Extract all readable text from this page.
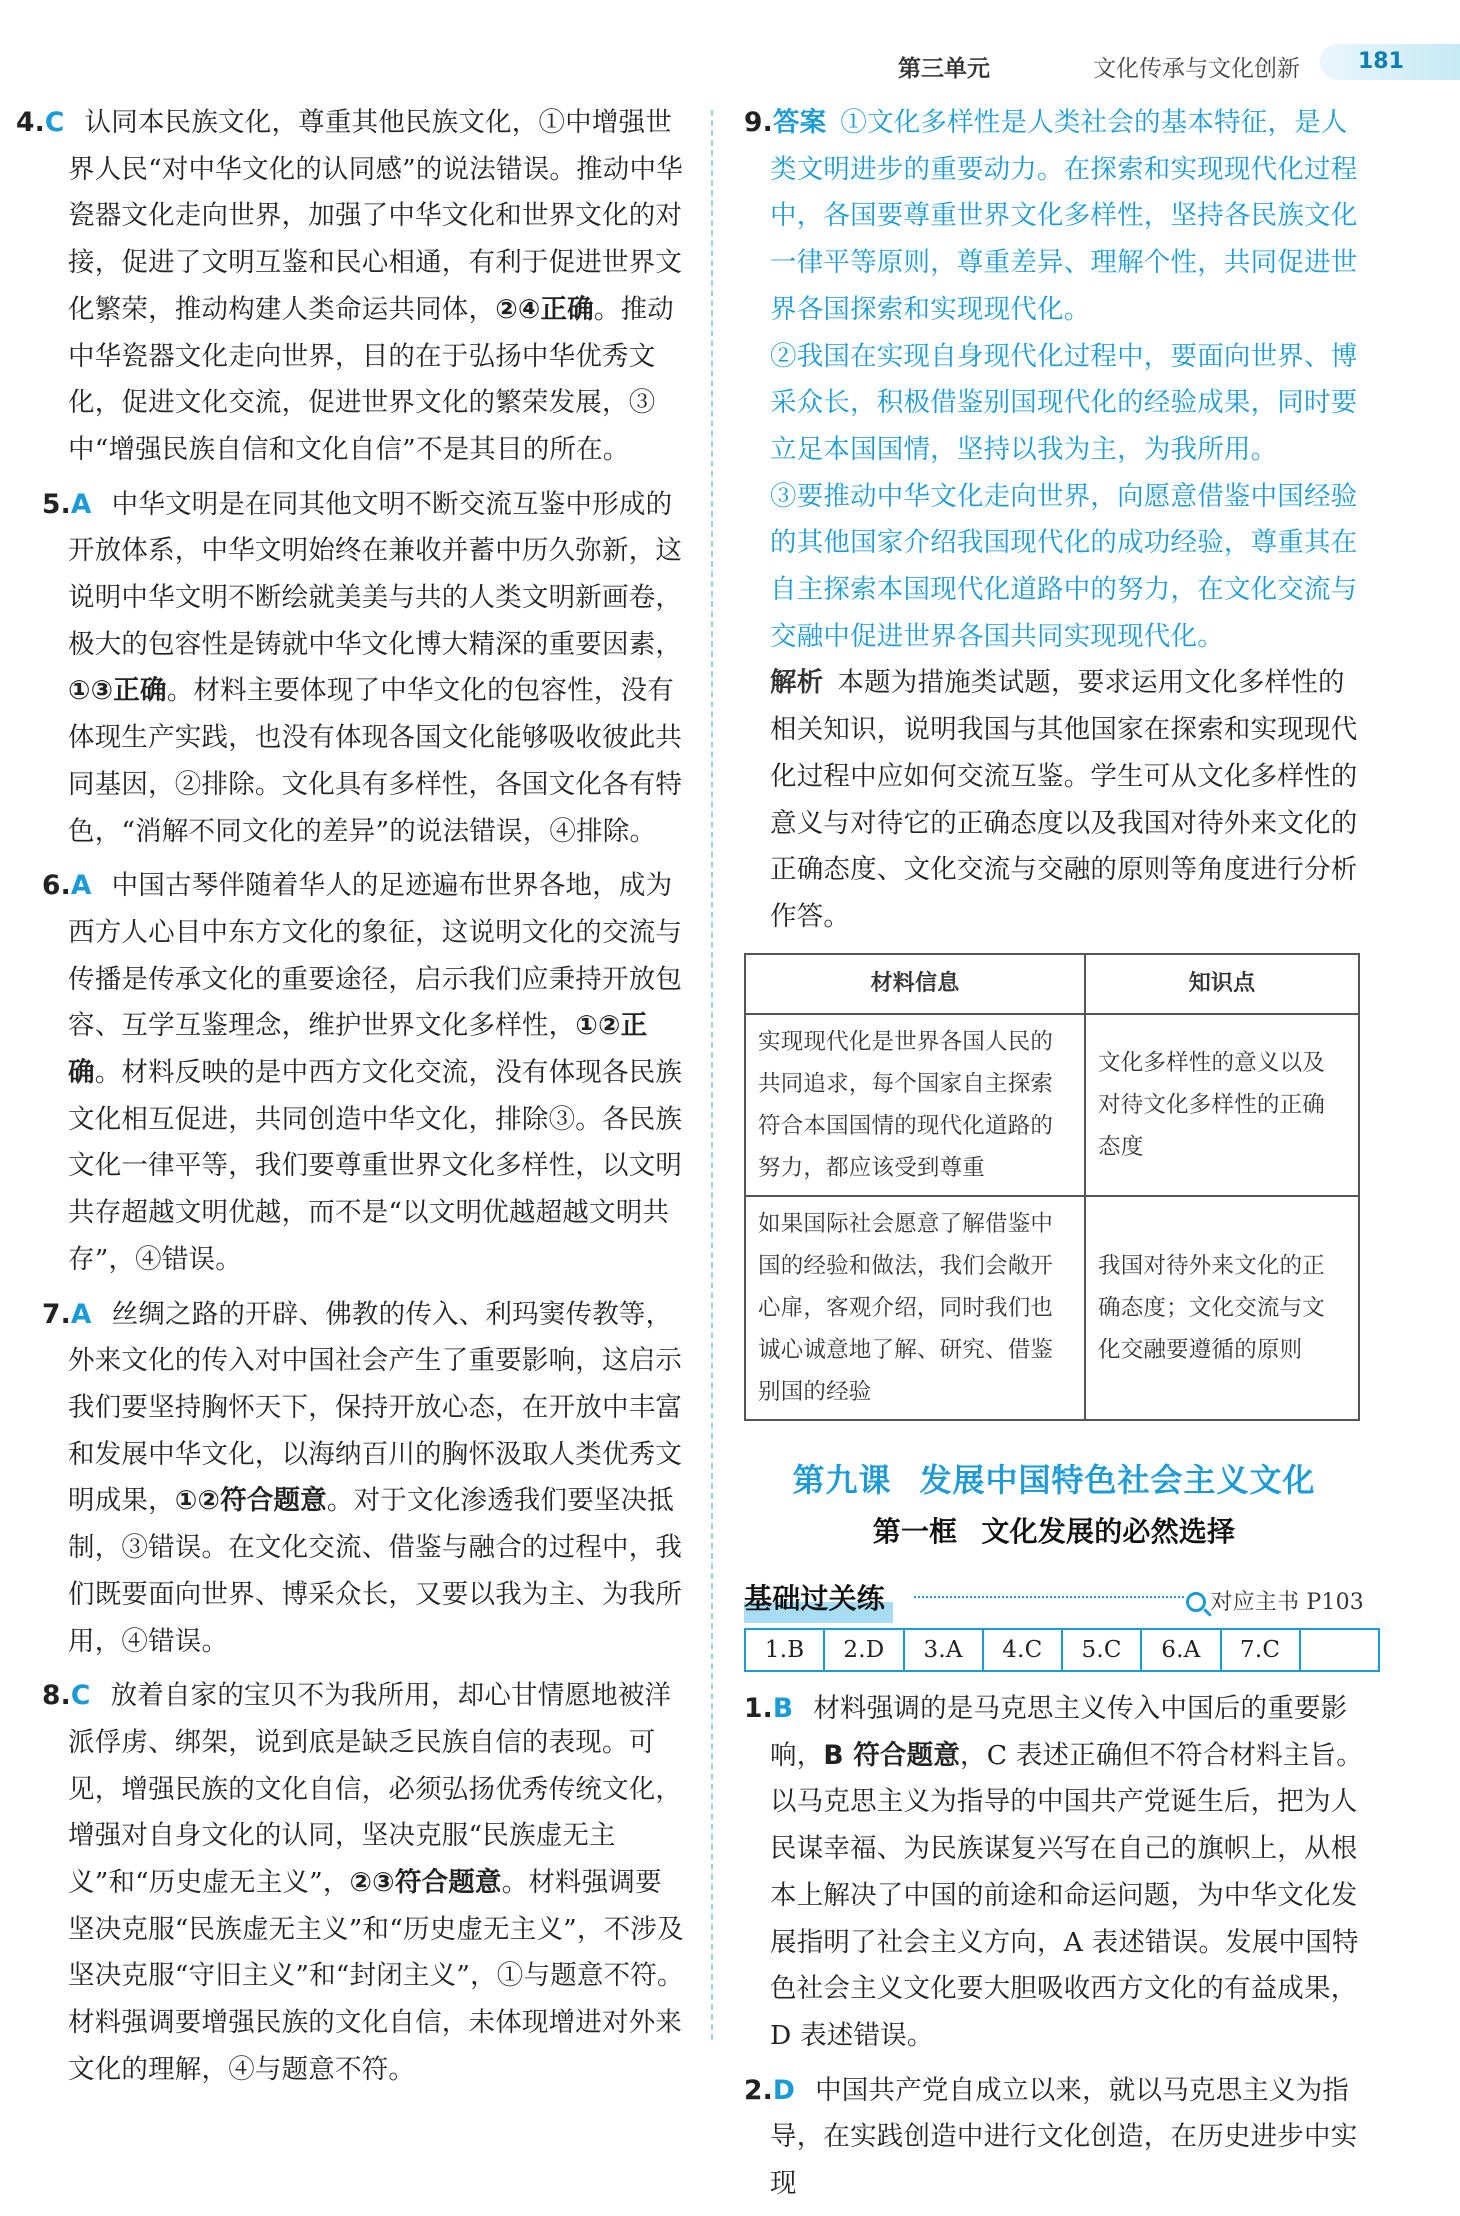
第三单元	文化传承与文化创新	181

4.C 认同本民族文化，尊重其他民族文化，①中增强世界人民“对中华文化的认同感”的说法错误。推动中华瓷器文化走向世界，加强了中华文化和世界文化的对接，促进了文明互鉴和民心相通，有利于促进世界文化繁荣，推动构建人类命运共同体，②④正确。推动中华瓷器文化走向世界，目的在于弘扬中华优秀文化，促进文化交流，促进世界文化的繁荣发展，③中“增强民族自信和文化自信”不是其目的所在。

5.A 中华文明是在同其他文明不断交流互鉴中形成的开放体系，中华文明始终在兼收并蓄中历久弥新，这说明中华文明不断绘就美美与共的人类文明新画卷，极大的包容性是铸就中华文化博大精深的重要因素，①③正确。材料主要体现了中华文化的包容性，没有体现生产实践，也没有体现各国文化能够吸收彼此共同基因，②排除。文化具有多样性，各国文化各有特色，“消解不同文化的差异”的说法错误，④排除。

6.A 中国古琴伴随着华人的足迹遍布世界各地，成为西方人心目中东方文化的象征，这说明文化的交流与传播是传承文化的重要途径，启示我们应秉持开放包容、互学互鉴理念，维护世界文化多样性，①②正确。材料反映的是中西方文化交流，没有体现各民族文化相互促进，共同创造中华文化，排除③。各民族文化一律平等，我们要尊重世界文化多样性，以文明共存超越文明优越，而不是“以文明优越超越文明共存”，④错误。

7.A 丝绸之路的开辟、佛教的传入、利玛窦传教等，外来文化的传入对中国社会产生了重要影响，这启示我们要坚持胸怀天下，保持开放心态，在开放中丰富和发展中华文化，以海纳百川的胸怀汲取人类优秀文明成果，①②符合题意。对于文化渗透我们要坚决抵制，③错误。在文化交流、借鉴与融合的过程中，我们既要面向世界、博采众长，又要以我为主、为我所用，④错误。

8.C 放着自家的宝贝不为我所用，却心甘情愿地被洋派俘虏、绑架，说到底是缺乏民族自信的表现。可见，增强民族的文化自信，必须弘扬优秀传统文化，增强对自身文化的认同，坚决克服“民族虚无主义”和“历史虚无主义”，②③符合题意。材料强调要坚决克服“民族虚无主义”和“历史虚无主义”，不涉及坚决克服“守旧主义”和“封闭主义”，①与题意不符。材料强调要增强民族的文化自信，未体现增进对外来文化的理解，④与题意不符。

9.答案 ①文化多样性是人类社会的基本特征，是人类文明进步的重要动力。在探索和实现现代化过程中，各国要尊重世界文化多样性，坚持各民族文化一律平等原则，尊重差异、理解个性，共同促进世界各国探索和实现现代化。

②我国在实现自身现代化过程中，要面向世界、博采众长，积极借鉴别国现代化的经验成果，同时要立足本国国情，坚持以我为主，为我所用。

③要推动中华文化走向世界，向愿意借鉴中国经验的其他国家介绍我国现代化的成功经验，尊重其在自主探索本国现代化道路中的努力，在文化交流与交融中促进世界各国共同实现现代化。

解析 本题为措施类试题，要求运用文化多样性的相关知识，说明我国与其他国家在探索和实现现代化过程中应如何交流互鉴。学生可从文化多样性的意义与对待它的正确态度以及我国对待外来文化的正确态度、文化交流与交融的原则等角度进行分析作答。

材料信息	知识点
实现现代化是世界各国人民的共同追求，每个国家自主探索符合本国国情的现代化道路的努力，都应该受到尊重	文化多样性的意义以及对待文化多样性的正确态度
如果国际社会愿意了解借鉴中国的经验和做法，我们会敞开心扉，客观介绍，同时我们也诚心诚意地了解、研究、借鉴别国的经验	我国对待外来文化的正确态度；文化交流与文化交融要遵循的原则
第九课 发展中国特色社会主义文化
第一框 文化发展的必然选择
基础过关练	对应主书 P103
1.B	2.D	3.A	4.C	5.C	6.A	7.C

1.B 材料强调的是马克思主义传入中国后的重要影响，B 符合题意，C 表述正确但不符合材料主旨。以马克思主义为指导的中国共产党诞生后，把为人民谋幸福、为民族谋复兴写在自己的旗帜上，从根本上解决了中国的前途和命运问题，为中华文化发展指明了社会主义方向，A 表述错误。发展中国特色社会主义文化要大胆吸收西方文化的有益成果，D 表述错误。

2.D 中国共产党自成立以来，就以马克思主义为指导，在实践创造中进行文化创造，在历史进步中实现
